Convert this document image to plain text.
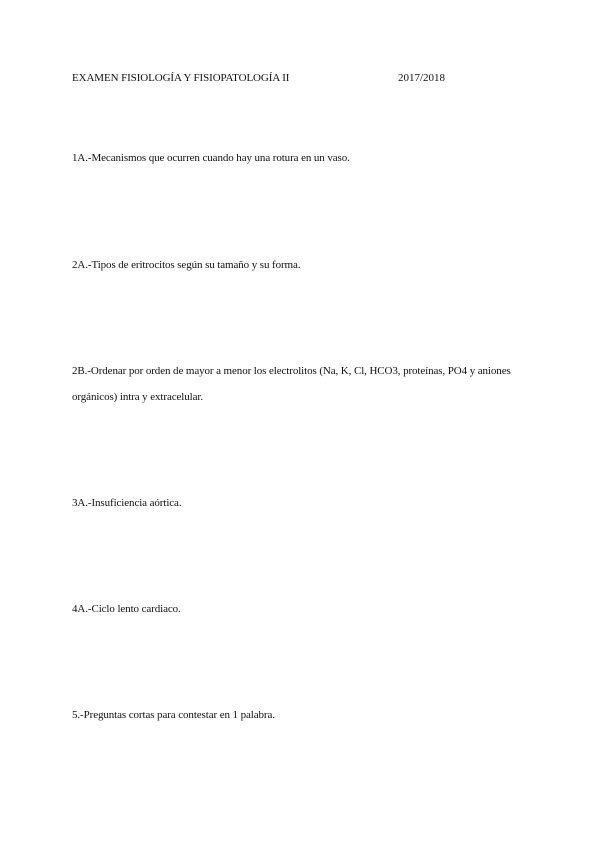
EXAMEN FISIOLOGÍA Y FISIOPATOLOGÍA II	2017/2018
1A.-Mecanismos que ocurren cuando hay una rotura en un vaso.
2A.-Tipos de eritrocitos según su tamaño y su forma.
2B.-Ordenar por orden de mayor a menor los electrolitos (Na, K, Cl, HCO3, proteínas, PO4 y aniones
orgánicos) intra y extracelular.
3A.-Insuficiencia aórtica.
4A.-Ciclo lento cardiaco.
5.-Preguntas cortas para contestar en 1 palabra.
